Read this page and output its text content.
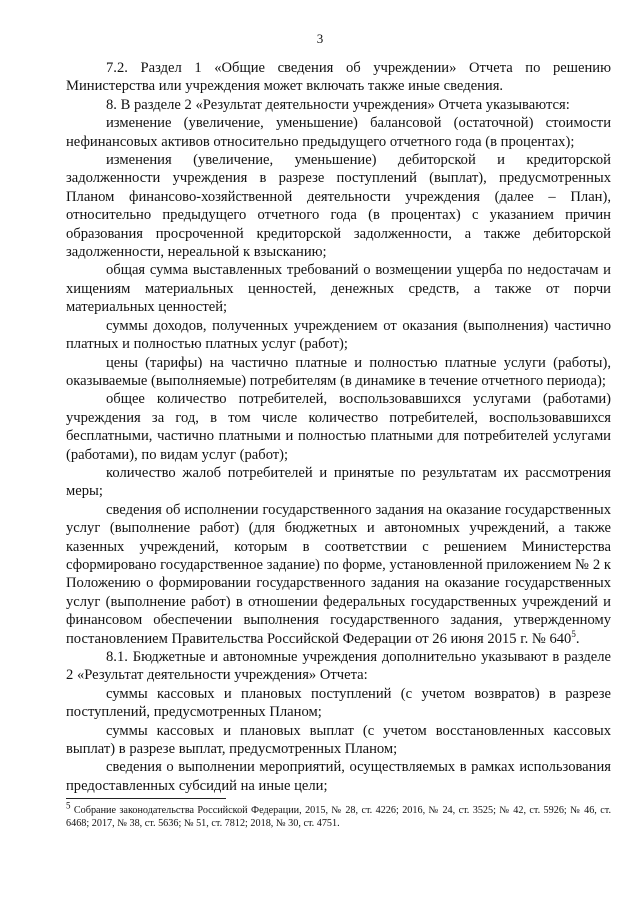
3

7.2. Раздел 1 «Общие сведения об учреждении» Отчета по решению Министерства или учреждения может включать также иные сведения.

8. В разделе 2 «Результат деятельности учреждения» Отчета указываются:

изменение (увеличение, уменьшение) балансовой (остаточной) стоимости нефинансовых активов относительно предыдущего отчетного года (в процентах);

изменения (увеличение, уменьшение) дебиторской и кредиторской задолженности учреждения в разрезе поступлений (выплат), предусмотренных Планом финансово-хозяйственной деятельности учреждения (далее – План), относительно предыдущего отчетного года (в процентах) с указанием причин образования просроченной кредиторской задолженности, а также дебиторской задолженности, нереальной к взысканию;

общая сумма выставленных требований о возмещении ущерба по недостачам и хищениям материальных ценностей, денежных средств, а также от порчи материальных ценностей;

суммы доходов, полученных учреждением от оказания (выполнения) частично платных и полностью платных услуг (работ);

цены (тарифы) на частично платные и полностью платные услуги (работы), оказываемые (выполняемые) потребителям (в динамике в течение отчетного периода);

общее количество потребителей, воспользовавшихся услугами (работами) учреждения за год, в том числе количество потребителей, воспользовавшихся бесплатными, частично платными и полностью платными для потребителей услугами (работами), по видам услуг (работ);

количество жалоб потребителей и принятые по результатам их рассмотрения меры;

сведения об исполнении государственного задания на оказание государственных услуг (выполнение работ) (для бюджетных и автономных учреждений, а также казенных учреждений, которым в соответствии с решением Министерства сформировано государственное задание) по форме, установленной приложением № 2 к Положению о формировании государственного задания на оказание государственных услуг (выполнение работ) в отношении федеральных государственных учреждений и финансовом обеспечении выполнения государственного задания, утвержденному постановлением Правительства Российской Федерации от 26 июня 2015 г. № $640^5$.

8.1. Бюджетные и автономные учреждения дополнительно указывают в разделе 2 «Результат деятельности учреждения» Отчета:

суммы кассовых и плановых поступлений (с учетом возвратов) в разрезе поступлений, предусмотренных Планом;

суммы кассовых и плановых выплат (с учетом восстановленных кассовых выплат) в разрезе выплат, предусмотренных Планом;

сведения о выполнении мероприятий, осуществляемых в рамках использования предоставленных субсидий на иные цели;

$^5$ Собрание законодательства Российской Федерации, 2015, № 28, ст. 4226; 2016, № 24, ст. 3525; № 42, ст. 5926; № 46, ст. 6468; 2017, № 38, ст. 5636; № 51, ст. 7812; 2018, № 30, ст. 4751.
